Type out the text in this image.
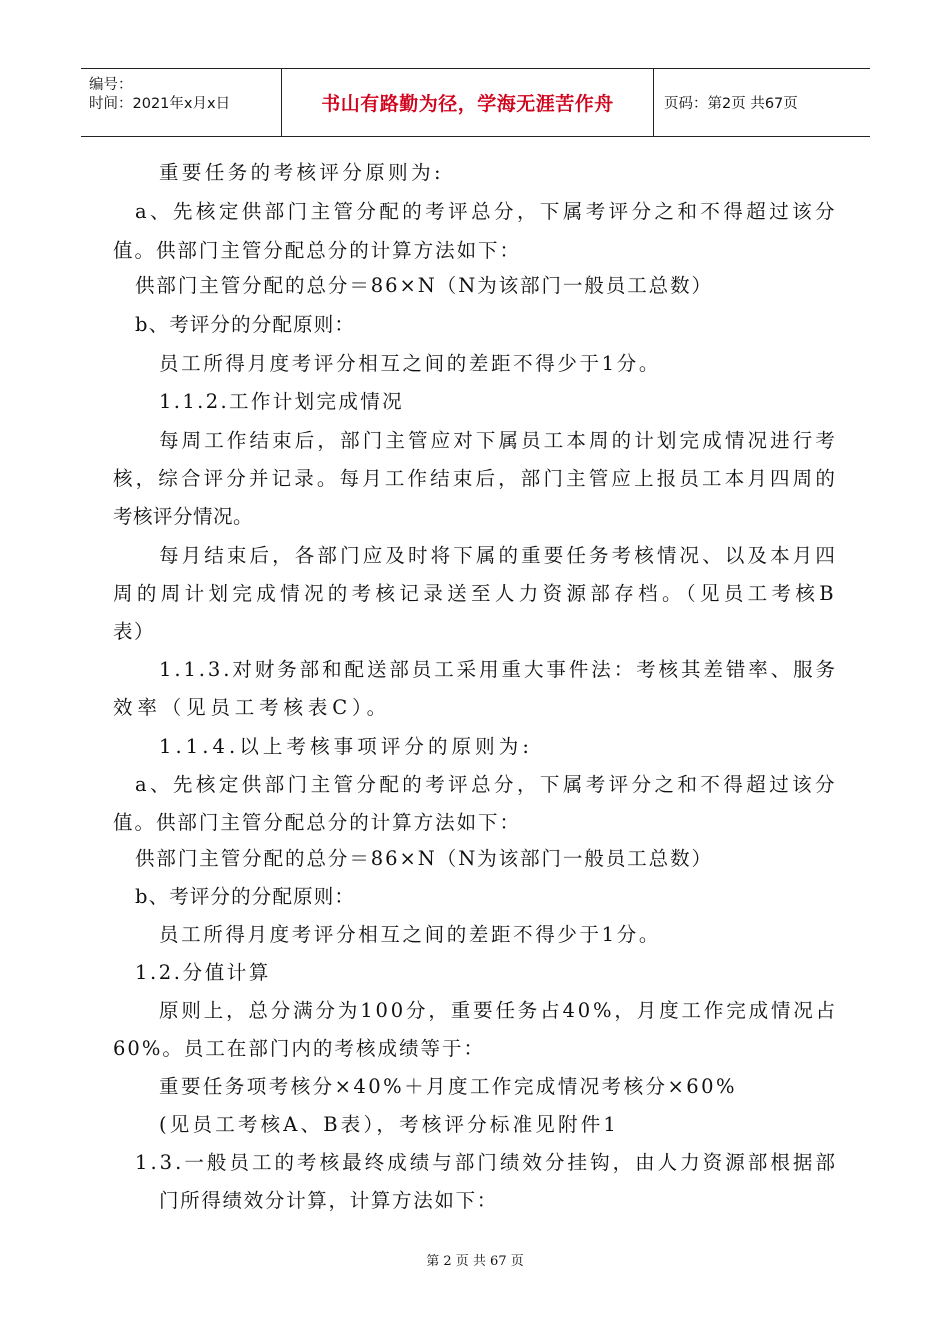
编号：
时间：2021年x月x日	书山有路勤为径，学海无涯苦作舟	页码：第2页 共67页
重要任务的考核评分原则为:
a、先核定供部门主管分配的考评总分，下属考评分之和不得超过该分
值。供部门主管分配总分的计算方法如下：
供部门主管分配的总分＝86×N（N为该部门一般员工总数）
b、考评分的分配原则：
员工所得月度考评分相互之间的差距不得少于1分。
1.1.2.工作计划完成情况
每周工作结束后，部门主管应对下属员工本周的计划完成情况进行考
核，综合评分并记录。每月工作结束后，部门主管应上报员工本月四周的
考核评分情况。
每月结束后，各部门应及时将下属的重要任务考核情况、以及本月四
周的周计划完成情况的考核记录送至人力资源部存档。（见员工考核B
表）
1.1.3.对财务部和配送部员工采用重大事件法：考核其差错率、服务
效率（见员工考核表C）。
1.1.4.以上考核事项评分的原则为:
a、先核定供部门主管分配的考评总分，下属考评分之和不得超过该分
值。供部门主管分配总分的计算方法如下：
供部门主管分配的总分＝86×N（N为该部门一般员工总数）
b、考评分的分配原则：
员工所得月度考评分相互之间的差距不得少于1分。
1.2.分值计算
原则上，总分满分为100分，重要任务占40%，月度工作完成情况占
60%。员工在部门内的考核成绩等于：
重要任务项考核分×40%＋月度工作完成情况考核分×60%
(见员工考核A、B表），考核评分标准见附件1
1.3.一般员工的考核最终成绩与部门绩效分挂钩，由人力资源部根据部
门所得绩效分计算，计算方法如下：
第 2 页 共 67 页
